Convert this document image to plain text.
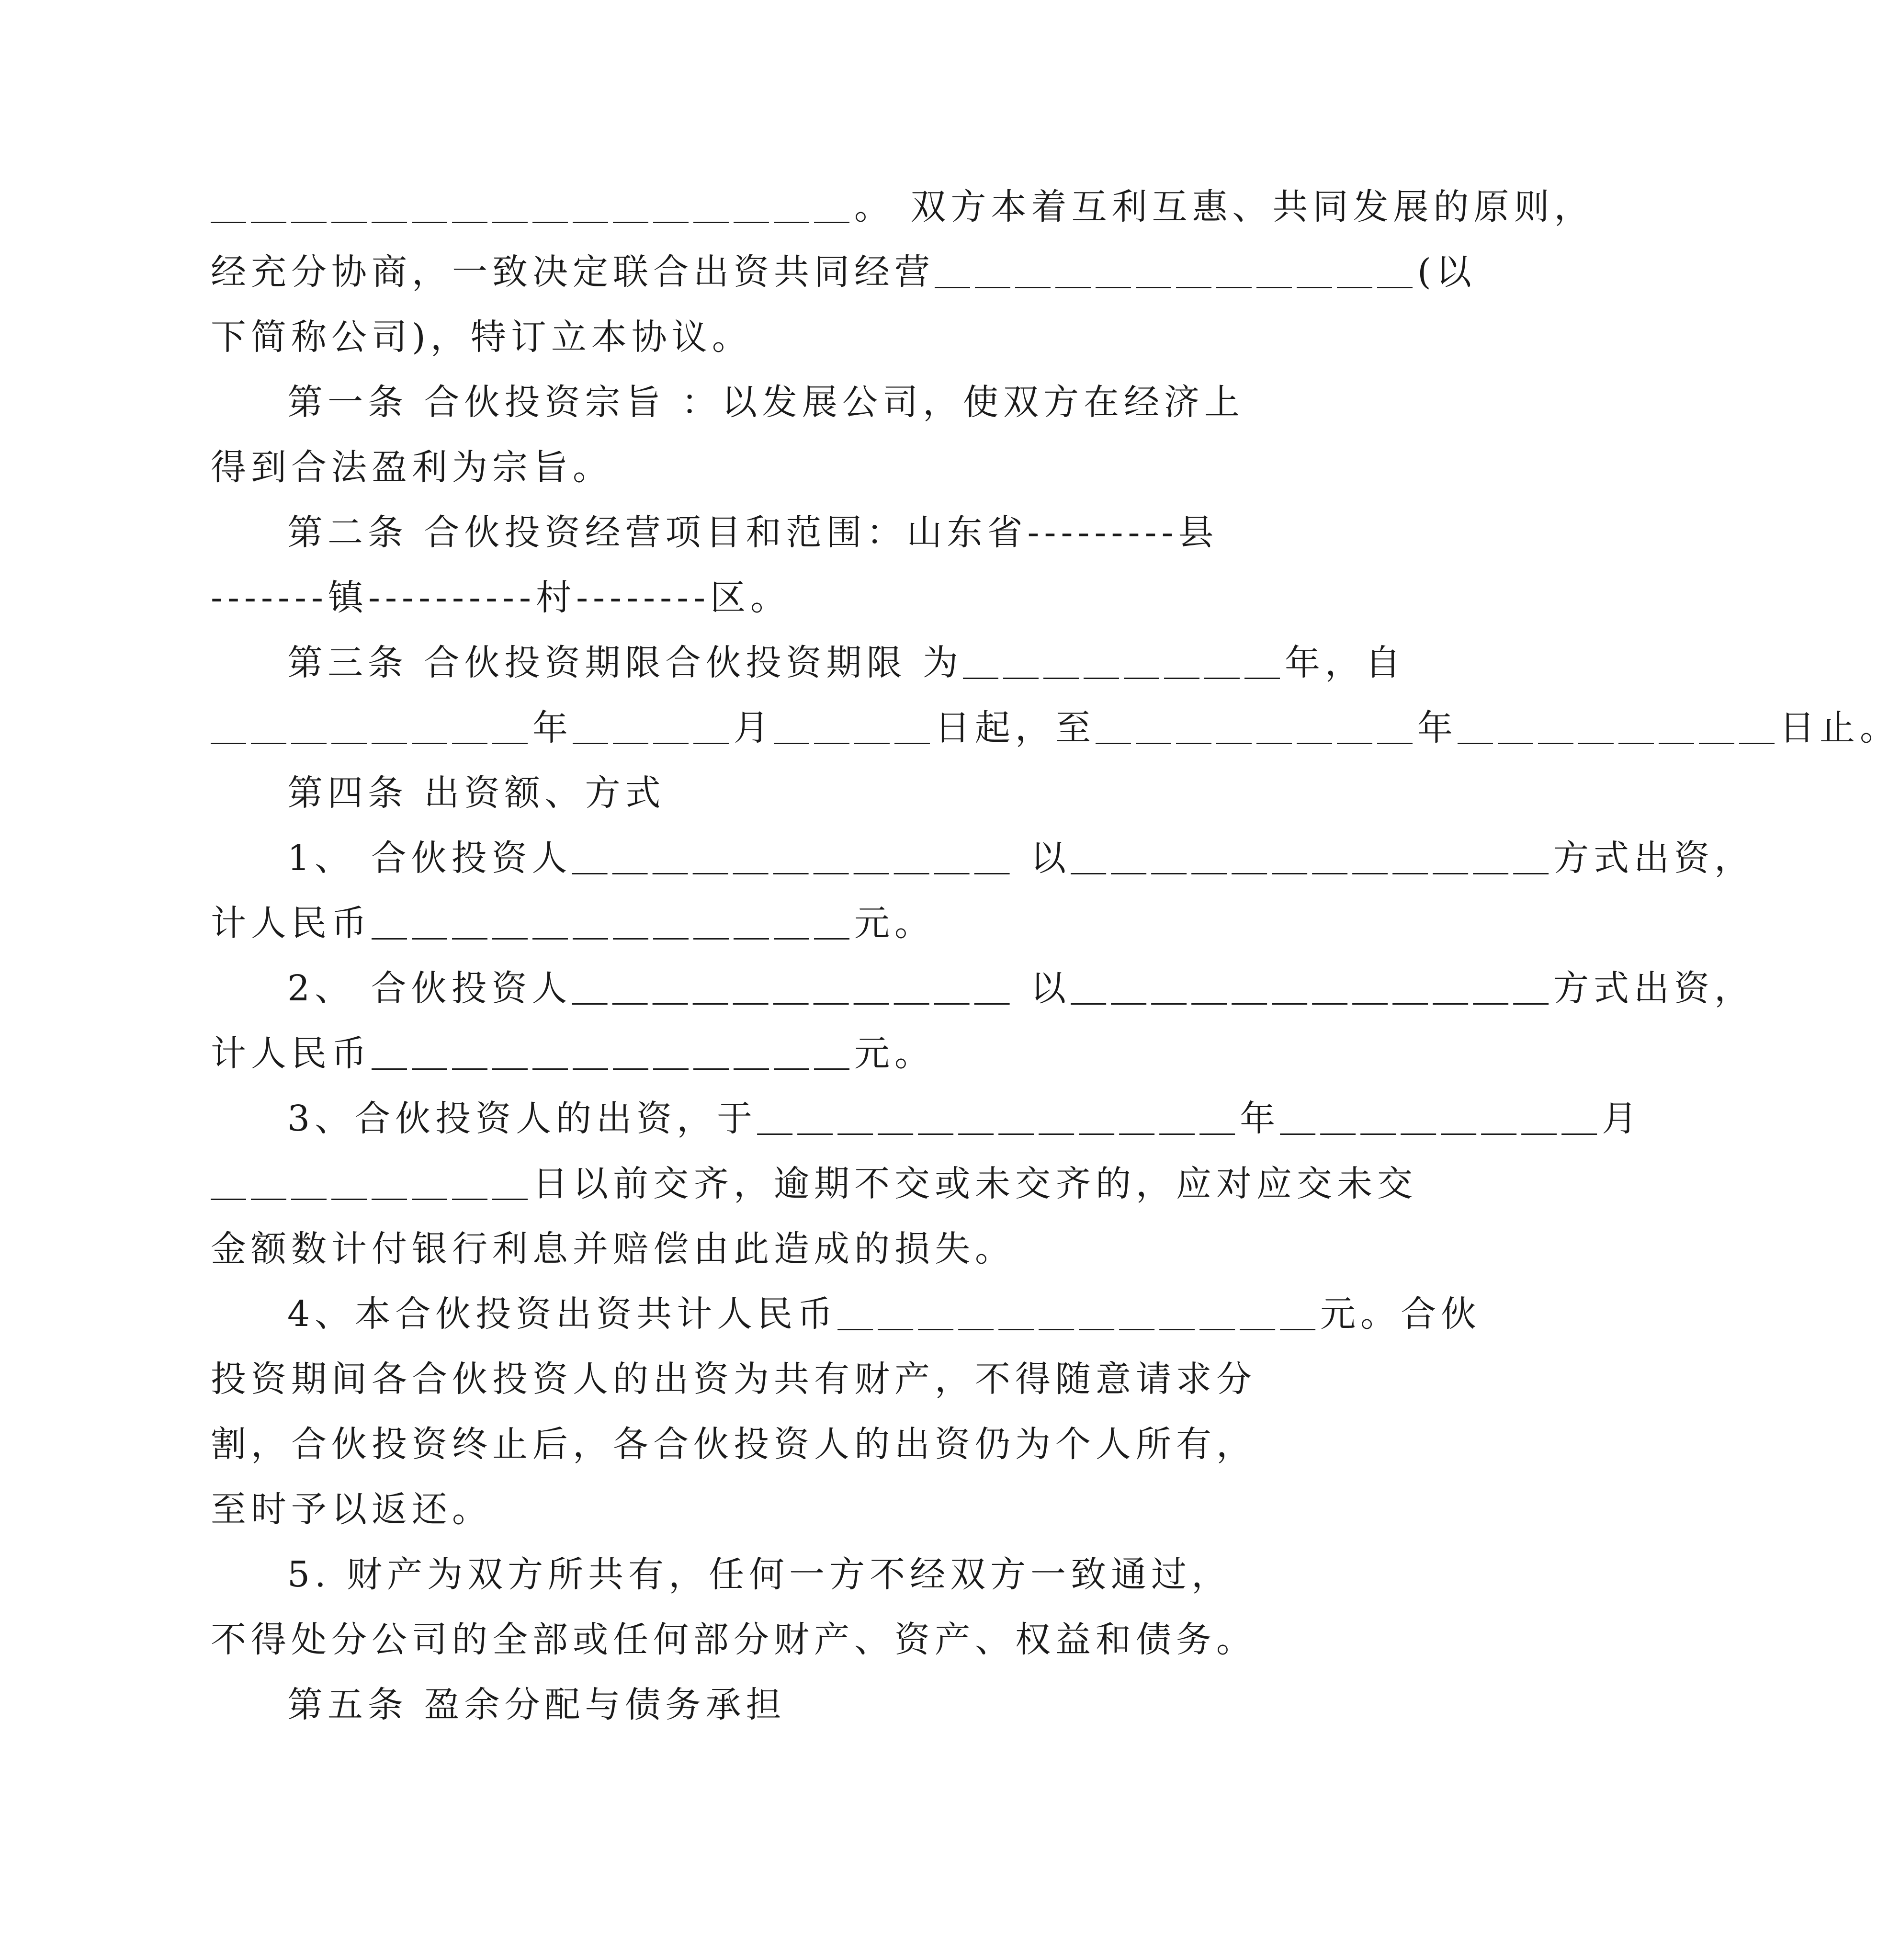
＿＿＿＿＿＿＿＿＿＿＿＿＿＿＿＿。 双方本着互利互惠、共同发展的原则，
经充分协商，一致决定联合出资共同经营＿＿＿＿＿＿＿＿＿＿＿＿(以
下简称公司)，特订立本协议。
第一条 合伙投资宗旨 ：以发展公司，使双方在经济上
得到合法盈利为宗旨。
第二条 合伙投资经营项目和范围：山东省---------县
-------镇----------村--------区。
第三条 合伙投资期限合伙投资期限 为＿＿＿＿＿＿＿＿年，自
＿＿＿＿＿＿＿＿年＿＿＿＿月＿＿＿＿日起，至＿＿＿＿＿＿＿＿年＿＿＿＿＿＿＿＿日止。
第四条 出资额、方式
1、 合伙投资人＿＿＿＿＿＿＿＿＿＿＿ 以＿＿＿＿＿＿＿＿＿＿＿＿方式出资，
计人民币＿＿＿＿＿＿＿＿＿＿＿＿元。
2、 合伙投资人＿＿＿＿＿＿＿＿＿＿＿ 以＿＿＿＿＿＿＿＿＿＿＿＿方式出资，
计人民币＿＿＿＿＿＿＿＿＿＿＿＿元。
3、合伙投资人的出资，于＿＿＿＿＿＿＿＿＿＿＿＿年＿＿＿＿＿＿＿＿月
＿＿＿＿＿＿＿＿日以前交齐，逾期不交或未交齐的，应对应交未交
金额数计付银行利息并赔偿由此造成的损失。
4、本合伙投资出资共计人民币＿＿＿＿＿＿＿＿＿＿＿＿元。合伙
投资期间各合伙投资人的出资为共有财产，不得随意请求分
割，合伙投资终止后，各合伙投资人的出资仍为个人所有，
至时予以返还。
5. 财产为双方所共有，任何一方不经双方一致通过，
不得处分公司的全部或任何部分财产、资产、权益和债务。
第五条 盈余分配与债务承担
